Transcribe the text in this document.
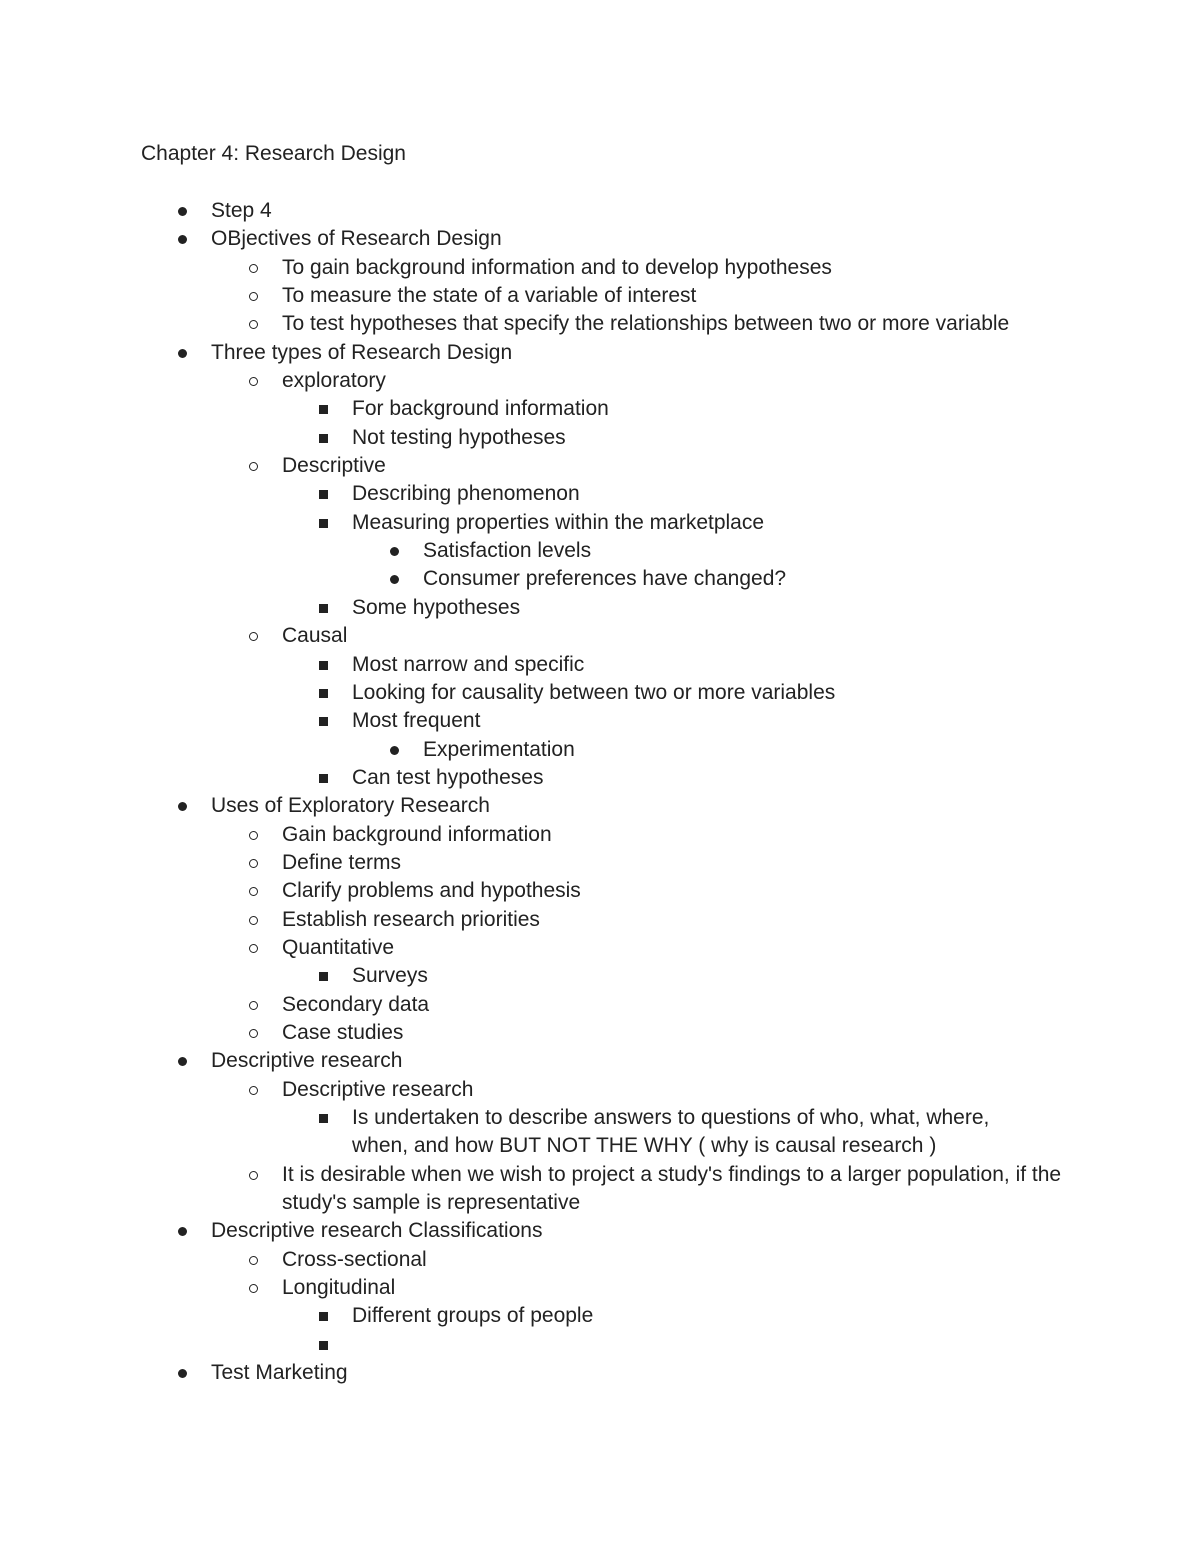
Chapter 4: Research Design
Step 4
OBjectives of Research Design
To gain background information and to develop hypotheses
To measure the state of a variable of interest
To test hypotheses that specify the relationships between two or more variable
Three types of Research Design
exploratory
For background information
Not testing hypotheses
Descriptive
Describing phenomenon
Measuring properties within the marketplace
Satisfaction levels
Consumer preferences have changed?
Some hypotheses
Causal
Most narrow and specific
Looking for causality between two or more variables
Most frequent
Experimentation
Can test hypotheses
Uses of Exploratory Research
Gain background information
Define terms
Clarify problems and hypothesis
Establish research priorities
Quantitative
Surveys
Secondary data
Case studies
Descriptive research
Descriptive research
Is undertaken to describe answers to questions of who, what, where, when, and how BUT NOT THE WHY ( why is causal research )
It is desirable when we wish to project a study's findings to a larger population, if the study's sample is representative
Descriptive research Classifications
Cross-sectional
Longitudinal
Different groups of people

Test Marketing
